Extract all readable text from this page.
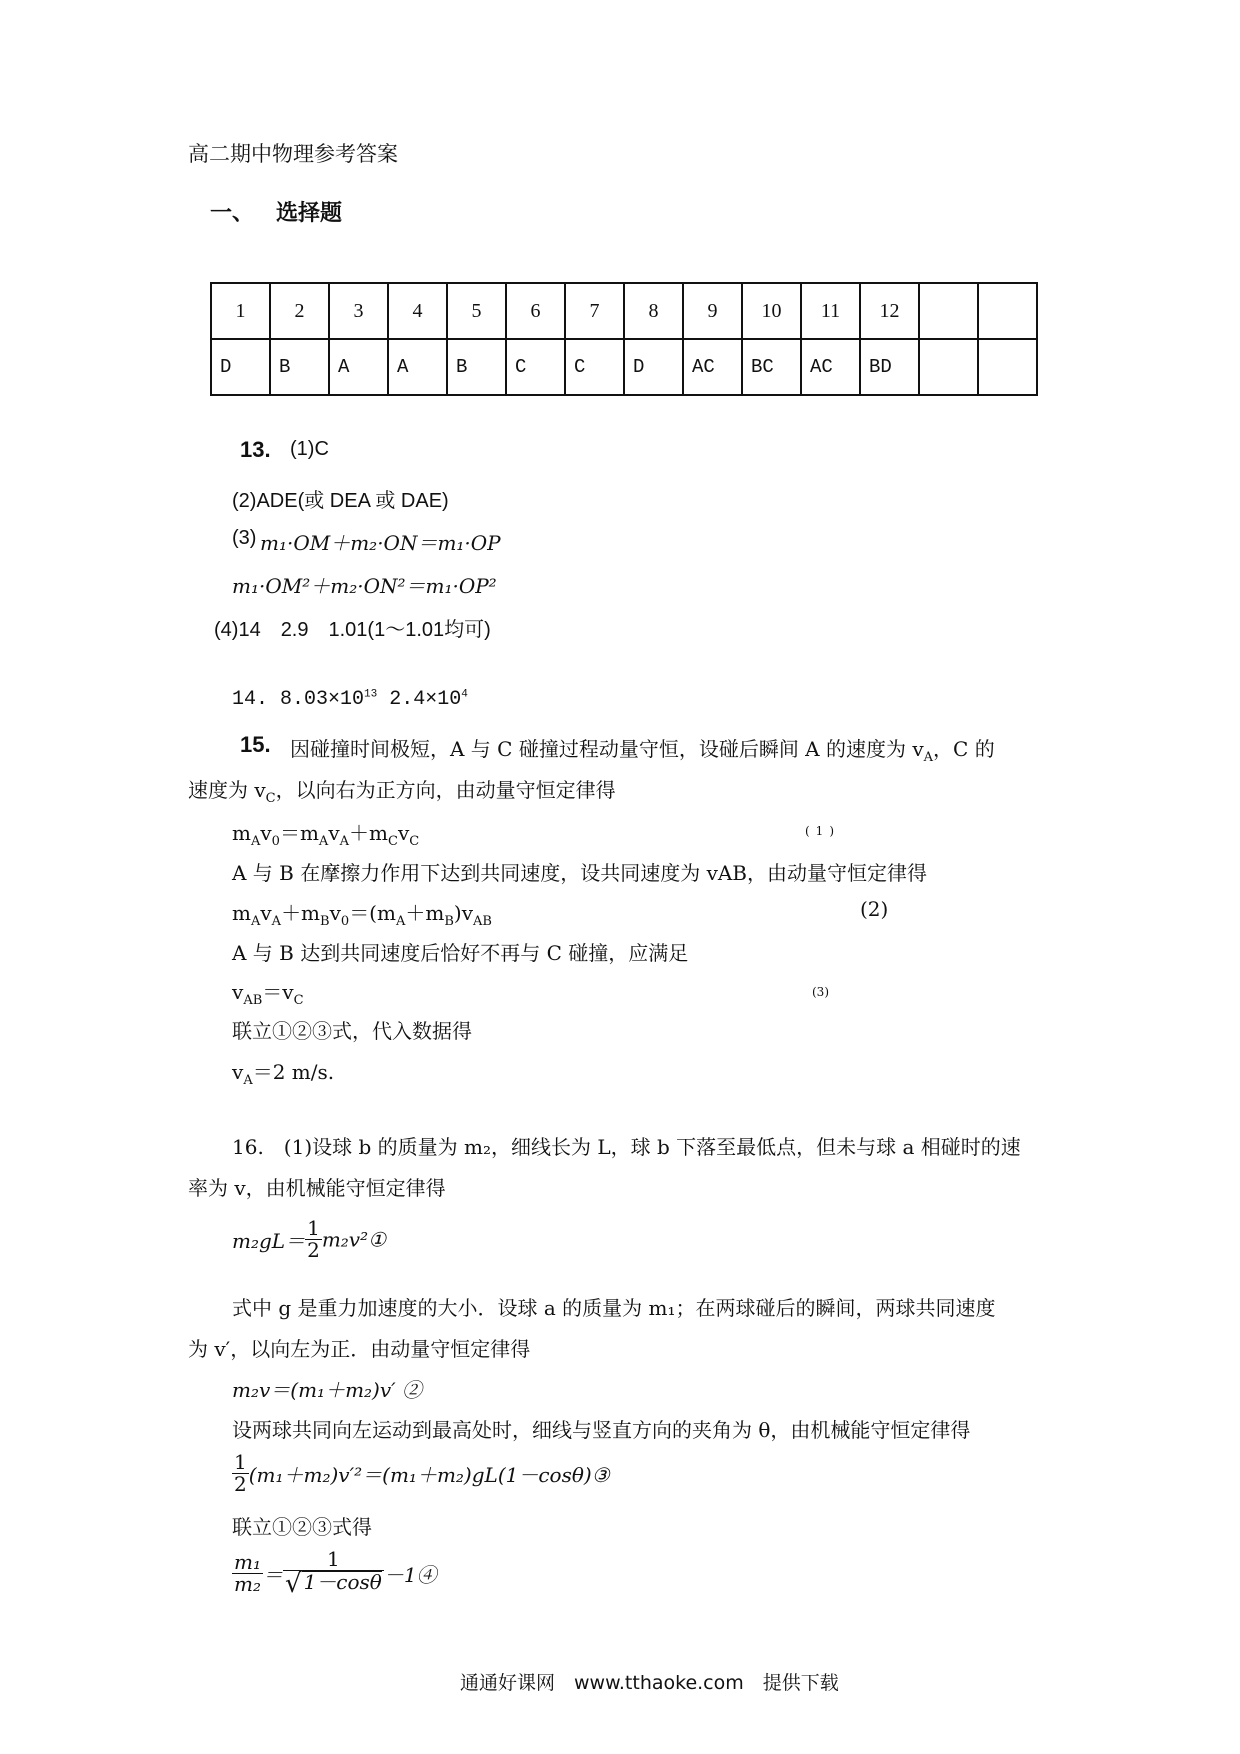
高二期中物理参考答案
一、 选择题
1	2	3	4	5	6	7	8	9	10	11	12		
D	B	A	A	B	C	C	D	AC	BC	AC	BD		
13. (1)C
(2)ADE(或 DEA 或 DAE)
(3) m₁·OM＋m₂·ON＝m₁·OP
m₁·OM²＋m₂·ON²＝m₁·OP²
(4)14　2.9　1.01(1～1.01均可)
14. $8.03\times 10^{13}$ $2.4\times 10^4$
15. 因碰撞时间极短，A 与 C 碰撞过程动量守恒，设碰后瞬间 A 的速度为 $v_A$，C 的
速度为 $v_C$，以向右为正方向，由动量守恒定律得
$m_Av_0=m_Av_A+m_Cv_C$
(1)
A 与 B 在摩擦力作用下达到共同速度，设共同速度为 vAB，由动量守恒定律得
$m_Av_A+m_Bv_0=(m_A+m_B)v_{AB}$
(2)
A 与 B 达到共同速度后恰好不再与 C 碰撞，应满足
$v_{AB}=v_C$
(3)
联立①②③式，代入数据得
$v_A=2$ m/s.
16.　(1)设球 b 的质量为 m₂，细线长为 L，球 b 下落至最低点，但未与球 a 相碰时的速
率为 v，由机械能守恒定律得
$m_2gL= \frac{1}{2}$ m₂v²①
式中 g 是重力加速度的大小．设球 a 的质量为 m₁；在两球碰后的瞬间，两球共同速度
为 v′，以向左为正．由动量守恒定律得
m₂v＝(m₁＋m₂)v′ ②
设两球共同向左运动到最高处时，细线与竖直方向的夹角为 θ，由机械能守恒定律得
$\frac{1}{2}$ (m₁＋m₂)v′²＝(m₁＋m₂)gL(1－cosθ)③
联立①②③式得
$\frac{\text{m₁}}{\text{m₂}} = \frac{1}{√ 1-\cos\theta}$ －1④
通通好课网　www.tthaoke.com　提供下载
